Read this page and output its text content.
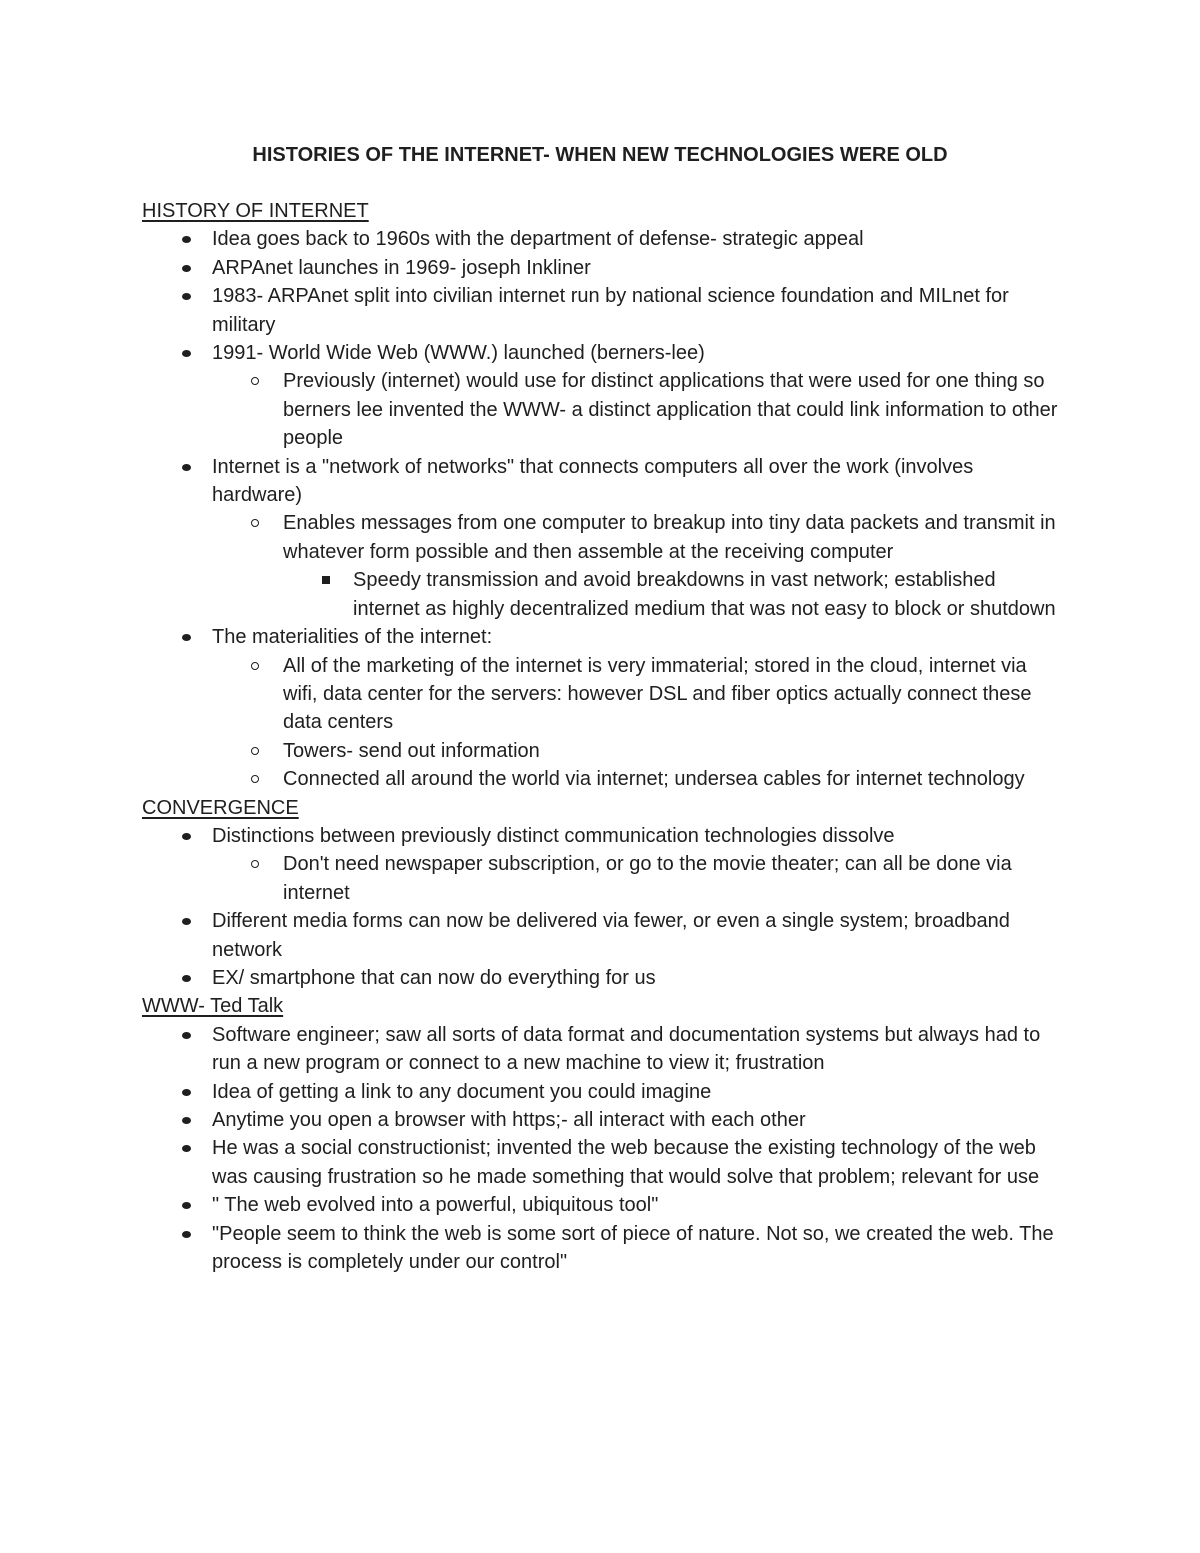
HISTORIES OF THE INTERNET- WHEN NEW TECHNOLOGIES WERE OLD
HISTORY OF INTERNET
Idea goes back to 1960s with the department of defense- strategic appeal
ARPAnet launches in 1969- joseph Inkliner
1983- ARPAnet split into civilian internet run by national science foundation and MILnet for military
1991- World Wide Web (WWW.) launched (berners-lee)
Previously (internet) would use for distinct applications that were used for one thing so berners lee invented the WWW- a distinct application that could link information to other people
Internet is a "network of networks" that connects computers all over the work (involves hardware)
Enables messages from one computer to breakup into tiny data packets and transmit in whatever form possible and then assemble at the receiving computer
Speedy transmission and avoid breakdowns in vast network; established internet as highly decentralized medium that was not easy to block or shutdown
The materialities of the internet:
All of the marketing of the internet is very immaterial; stored in the cloud, internet via wifi, data center for the servers: however DSL and fiber optics actually connect these data centers
Towers- send out information
Connected all around the world via internet; undersea cables for internet technology
CONVERGENCE
Distinctions between previously distinct communication technologies dissolve
Don't need newspaper subscription, or go to the movie theater; can all be done via internet
Different media forms can now be delivered via fewer, or even a single system; broadband network
EX/ smartphone that can now do everything for us
WWW- Ted Talk
Software engineer; saw all sorts of data format and documentation systems but always had to run a new program or connect to a new machine to view it; frustration
Idea of getting a link to any document you could imagine
Anytime you open a browser with https;- all interact with each other
He was a social constructionist; invented the web because the existing technology of the web was causing frustration so he made something that would solve that problem; relevant for use
" The web evolved into a powerful, ubiquitous tool"
"People seem to think the web is some sort of piece of nature. Not so, we created the web. The process is completely under our control"
